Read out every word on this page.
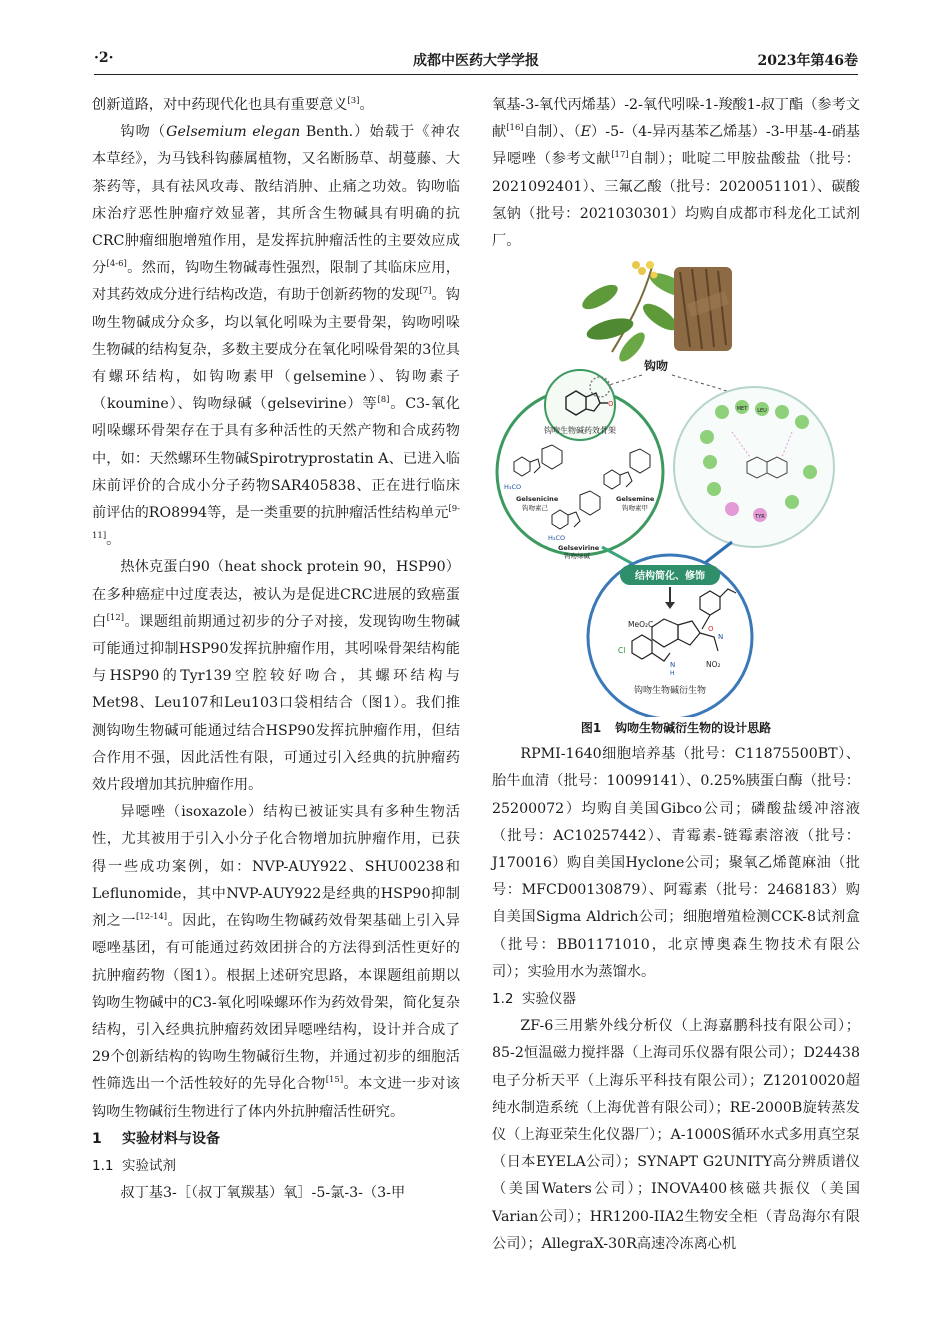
·2·	成都中医药大学学报	2023年第46卷

创新道路，对中药现代化也具有重要意义[3]。

钩吻（Gelsemium elegan Benth.）始载于《神农本草经》，为马钱科钩藤属植物，又名断肠草、胡蔓藤、大茶药等，具有祛风攻毒、散结消肿、止痛之功效。钩吻临床治疗恶性肿瘤疗效显著，其所含生物碱具有明确的抗CRC肿瘤细胞增殖作用，是发挥抗肿瘤活性的主要效应成分[4-6]。然而，钩吻生物碱毒性强烈，限制了其临床应用，对其药效成分进行结构改造，有助于创新药物的发现[7]。钩吻生物碱成分众多，均以氧化吲哚为主要骨架，钩吻吲哚生物碱的结构复杂，多数主要成分在氧化吲哚骨架的3位具有螺环结构，如钩吻素甲（gelsemine）、钩吻素子（koumine）、钩吻绿碱（gelsevirine）等[8]。C3-氧化吲哚螺环骨架存在于具有多种活性的天然产物和合成药物中，如：天然螺环生物碱Spirotryprostatin A、已进入临床前评价的合成小分子药物SAR405838、正在进行临床前评估的RO8994等，是一类重要的抗肿瘤活性结构单元[9-11]。

热休克蛋白90（heat shock protein 90，HSP90）在多种癌症中过度表达，被认为是促进CRC进展的致癌蛋白[12]。课题组前期通过初步的分子对接，发现钩吻生物碱可能通过抑制HSP90发挥抗肿瘤作用，其吲哚骨架结构能与HSP90的Tyr139空腔较好吻合，其螺环结构与Met98、Leu107和Leu103口袋相结合（图1）。我们推测钩吻生物碱可能通过结合HSP90发挥抗肿瘤作用，但结合作用不强，因此活性有限，可通过引入经典的抗肿瘤药效片段增加其抗肿瘤作用。

异噁唑（isoxazole）结构已被证实具有多种生物活性，尤其被用于引入小分子化合物增加抗肿瘤作用，已获得一些成功案例，如：NVP-AUY922、SHU00238和Leflunomide，其中NVP-AUY922是经典的HSP90抑制剂之一[12-14]。因此，在钩吻生物碱药效骨架基础上引入异噁唑基团，有可能通过药效团拼合的方法得到活性更好的抗肿瘤药物（图1）。根据上述研究思路，本课题组前期以钩吻生物碱中的C3-氧化吲哚螺环作为药效骨架，简化复杂结构，引入经典抗肿瘤药效团异噁唑结构，设计并合成了29个创新结构的钩吻生物碱衍生物，并通过初步的细胞活性筛选出一个活性较好的先导化合物[15]。本文进一步对该钩吻生物碱衍生物进行了体内外抗肿瘤活性研究。

1 实验材料与设备
1.1 实验试剂

叔丁基3-［（叔丁氧羰基）氧］-5-氯-3-（3-甲

氧基-3-氧代丙烯基）-2-氧代吲哚-1-羧酸1-叔丁酯（参考文献[16]自制）、（E）-5-（4-异丙基苯乙烯基）-3-甲基-4-硝基异噁唑（参考文献[17]自制）；吡啶二甲胺盐酸盐（批号：2021092401）、三氟乙酸（批号：2020051101）、碳酸氢钠（批号：2021030301）均购自成都市科龙化工试剂厂。

钩吻
O
钩吻生物碱药效骨架
H₃CO
Gelsenicine
钩吻素己
Gelsemine
钩吻素甲
H₃CO
Gelsevirine
钩吻绿碱
MET LEU
TYR
结构简化、修饰
MeO₂C
Cl
NO₂
O
N
N
H
钩吻生物碱衍生物
图1 钩吻生物碱衍生物的设计思路

RPMI-1640细胞培养基（批号：C11875500BT）、胎牛血清（批号：10099141）、0.25%胰蛋白酶（批号：25200072）均购自美国Gibco公司；磷酸盐缓冲溶液（批号：AC10257442）、青霉素-链霉素溶液（批号：J170016）购自美国Hyclone公司；聚氧乙烯蓖麻油（批号：MFCD00130879）、阿霉素（批号：2468183）购自美国Sigma Aldrich公司；细胞增殖检测CCK-8试剂盒（批号：BB01171010，北京博奥森生物技术有限公司）；实验用水为蒸馏水。

1.2 实验仪器

ZF-6三用紫外线分析仪（上海嘉鹏科技有限公司）；85-2恒温磁力搅拌器（上海司乐仪器有限公司）；D24438电子分析天平（上海乐平科技有限公司）；Z12010020超纯水制造系统（上海优普有限公司）；RE-2000B旋转蒸发仪（上海亚荣生化仪器厂）；A-1000S循环水式多用真空泵（日本EYELA公司）；SYNAPT G2UNITY高分辨质谱仪（美国Waters公司）；INOVA400核磁共振仪（美国Varian公司）；HR1200-IIA2生物安全柜（青岛海尔有限公司）；AllegraX-30R高速冷冻离心机
